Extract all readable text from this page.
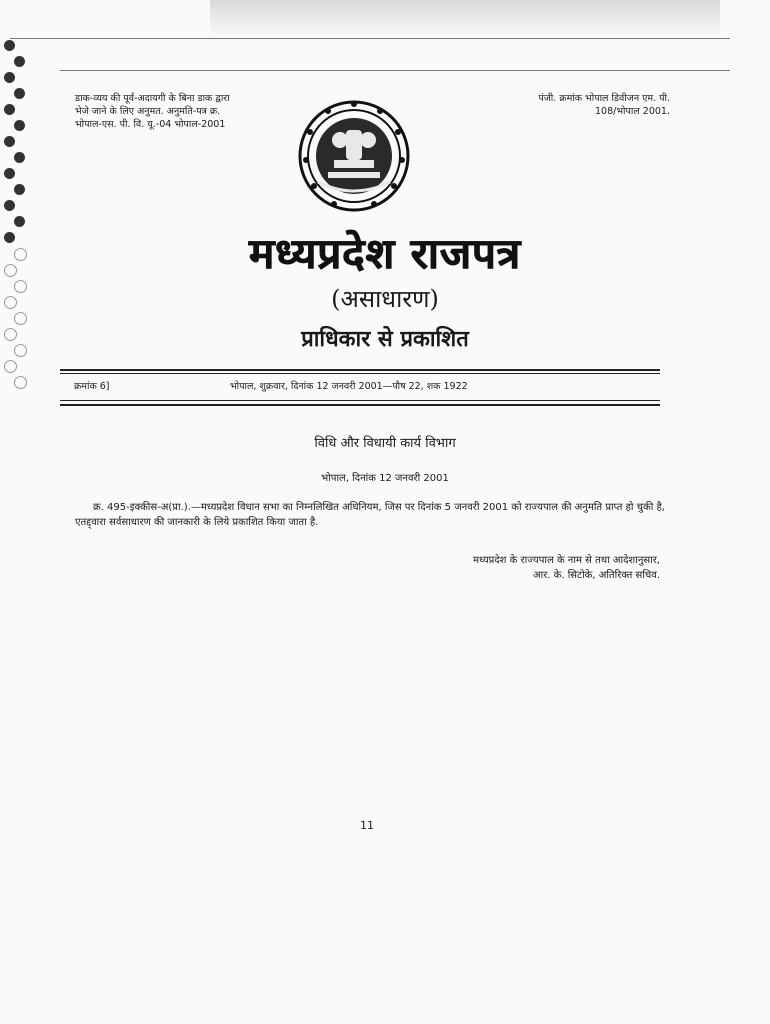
डाक-व्यय की पूर्व-अदायगी के बिना डाक द्वारा भेजे जाने के लिए अनुमत. अनुमति-पत्र क्र. भोपाल-एस. पी. वि. यू.-04 भोपाल-2001
पंजी. क्रमांक भोपाल डिवीजन एम. पी. 108/भोपाल 2001.
मध्यप्रदेश राजपत्र
(असाधारण)
प्राधिकार से प्रकाशित
क्रमांक 6]	भोपाल, शुक्रवार, दिनांक 12 जनवरी 2001—पौष 22, शक 1922
विधि और विधायी कार्य विभाग
भोपाल, दिनांक 12 जनवरी 2001
क्र. 495-इक्कीस-अ(प्रा.).—मध्यप्रदेश विधान सभा का निम्नलिखित अधिनियम, जिस पर दिनांक 5 जनवरी 2001 को राज्यपाल की अनुमति प्राप्त हो चुकी है, एतद्द्वारा सर्वसाधारण की जानकारी के लिये प्रकाशित किया जाता है.
मध्यप्रदेश के राज्यपाल के नाम से तथा आदेशानुसार,
आर. के. सिटोके, अतिरिक्त सचिव.
11
